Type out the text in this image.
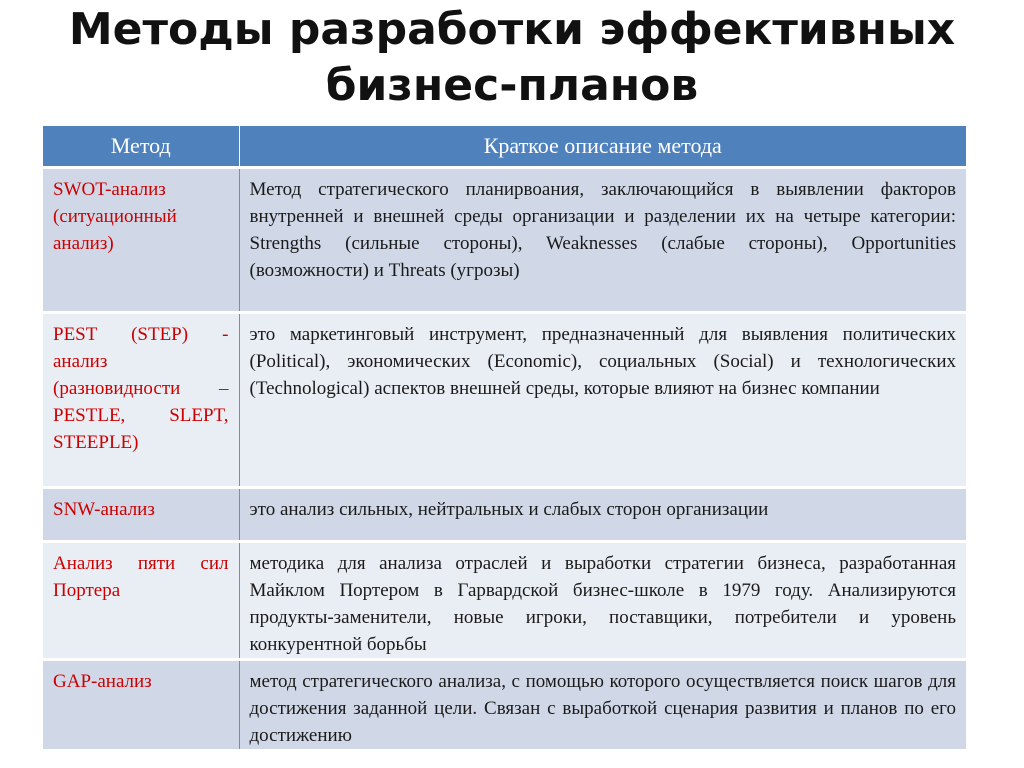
Методы разработки эффективных бизнес-планов
Метод	Краткое описание метода
SWOT-анализ (ситуационный анализ)	Метод стратегического планирвоания, заключающийся в выявлении факторов внутренней и внешней среды организации и разделении их на четыре категории: Strengths (сильные стороны), Weaknesses (слабые стороны), Opportunities (возможности) и Threats (угрозы)
PEST (STEP) - анализ (разновидности – PESTLE, SLEPT, STEEPLE)	это маркетинговый инструмент, предназначенный для выявления политических (Political), экономических (Economic), социальных (Social) и технологических (Technological) аспектов внешней среды, которые влияют на бизнес компании
SNW-анализ	это анализ сильных, нейтральных и слабых сторон организации
Анализ пяти сил Портера	методика для анализа отраслей и выработки стратегии бизнеса, разработанная Майклом Портером в Гарвардской бизнес-школе в 1979 году. Анализируются продукты-заменители, новые игроки, поставщики, потребители и уровень конкурентной борьбы
GAP-анализ	метод стратегического анализа, с помощью которого осуществляется поиск шагов для достижения заданной цели. Связан с выработкой сценария развития и планов по его достижению
